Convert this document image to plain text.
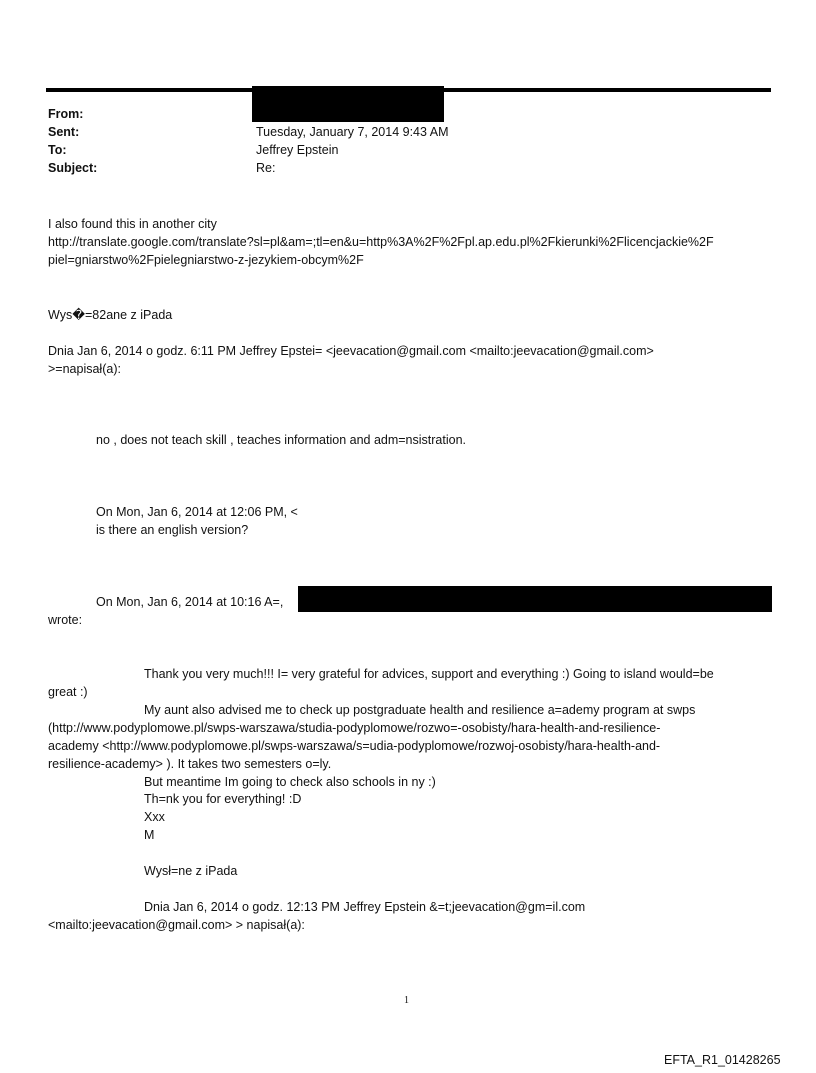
From:
Sent:	Tuesday, January 7, 2014 9:43 AM
To:	Jeffrey Epstein
Subject:	Re:
I also found this in another city
http://translate.google.com/translate?sl=pl&am=;tl=en&u=http%3A%2F%2Fpl.ap.edu.pl%2Fkierunki%2Flicencjackie%2F
piel=gniarstwo%2Fpielegniarstwo-z-jezykiem-obcym%2F
Wys�=82ane z iPada
Dnia Jan 6, 2014 o godz. 6:11 PM Jeffrey Epstei= <jeevacation@gmail.com <mailto:jeevacation@gmail.com>
>=napisał(a):
no , does not teach skill , teaches information and adm=nsistration.
On Mon, Jan 6, 2014 at 12:06 PM, <
is there an english version?
On Mon, Jan 6, 2014 at 10:16 A=,
wrote:
Thank you very much!!! I= very grateful for advices, support and everything :) Going to island would=be
great :)
My aunt also advised me to check up postgraduate health and resilience a=ademy program at swps
(http://www.podyplomowe.pl/swps-warszawa/studia-podyplomowe/rozwo=-osobisty/hara-health-and-resilience-
academy <http://www.podyplomowe.pl/swps-warszawa/s=udia-podyplomowe/rozwoj-osobisty/hara-health-and-
resilience-academy> ). It takes two semesters o=ly.
But meantime Im going to check also schools in ny :)
Th=nk you for everything! :D
Xxx
M
Wysł=ne z iPada
Dnia Jan 6, 2014 o godz. 12:13 PM Jeffrey Epstein &=t;jeevacation@gm=il.com
<mailto:jeevacation@gmail.com> > napisał(a):
1
EFTA_R1_01428265
